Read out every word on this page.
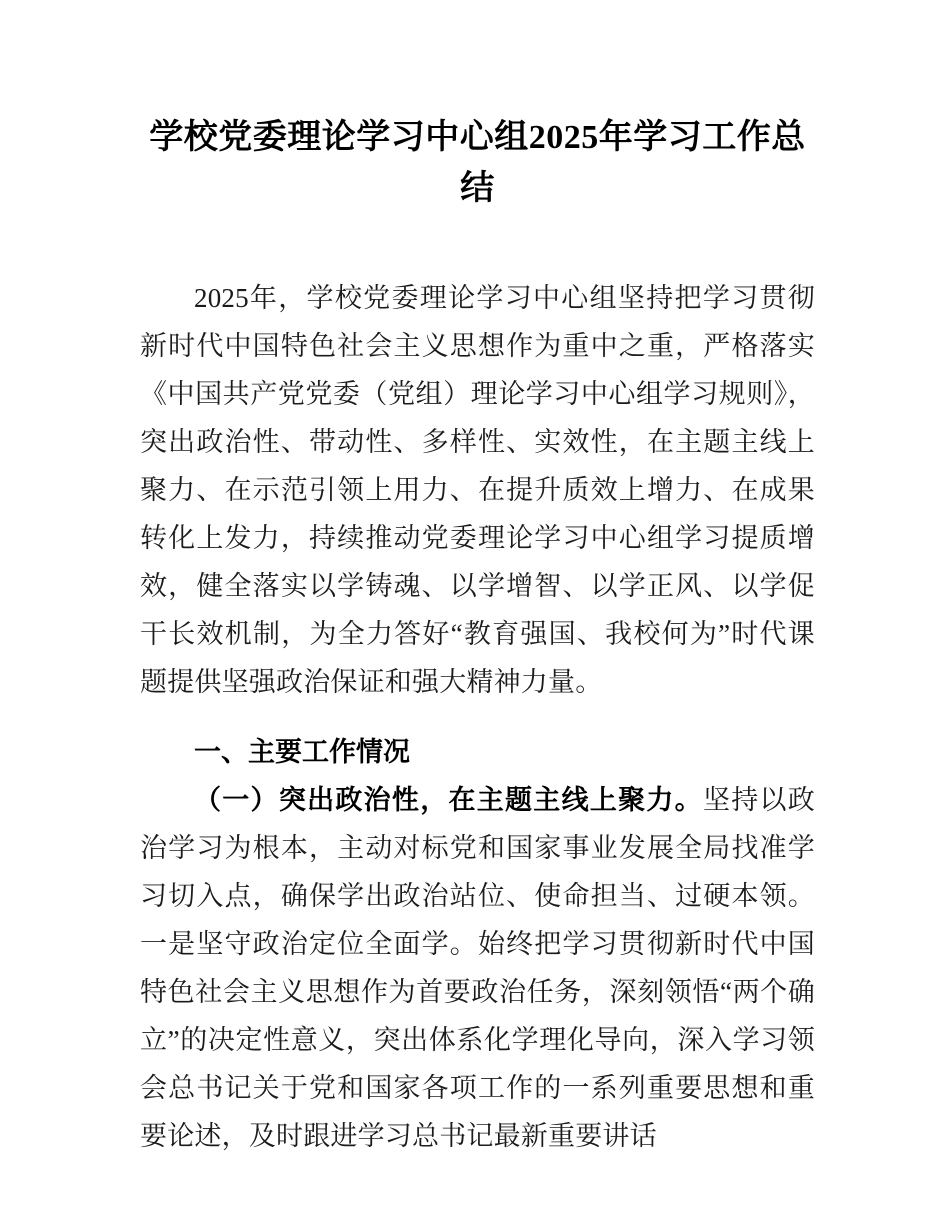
学校党委理论学习中心组2025年学习工作总结

2025年，学校党委理论学习中心组坚持把学习贯彻新时代中国特色社会主义思想作为重中之重，严格落实《中国共产党党委（党组）理论学习中心组学习规则》，突出政治性、带动性、多样性、实效性，在主题主线上聚力、在示范引领上用力、在提升质效上增力、在成果转化上发力，持续推动党委理论学习中心组学习提质增效，健全落实以学铸魂、以学增智、以学正风、以学促干长效机制，为全力答好“教育强国、我校何为”时代课题提供坚强政治保证和强大精神力量。

一、主要工作情况

（一）突出政治性，在主题主线上聚力。坚持以政治学习为根本，主动对标党和国家事业发展全局找准学习切入点，确保学出政治站位、使命担当、过硬本领。一是坚守政治定位全面学。始终把学习贯彻新时代中国特色社会主义思想作为首要政治任务，深刻领悟“两个确立”的决定性意义，突出体系化学理化导向，深入学习领会总书记关于党和国家各项工作的一系列重要思想和重要论述，及时跟进学习总书记最新重要讲话
